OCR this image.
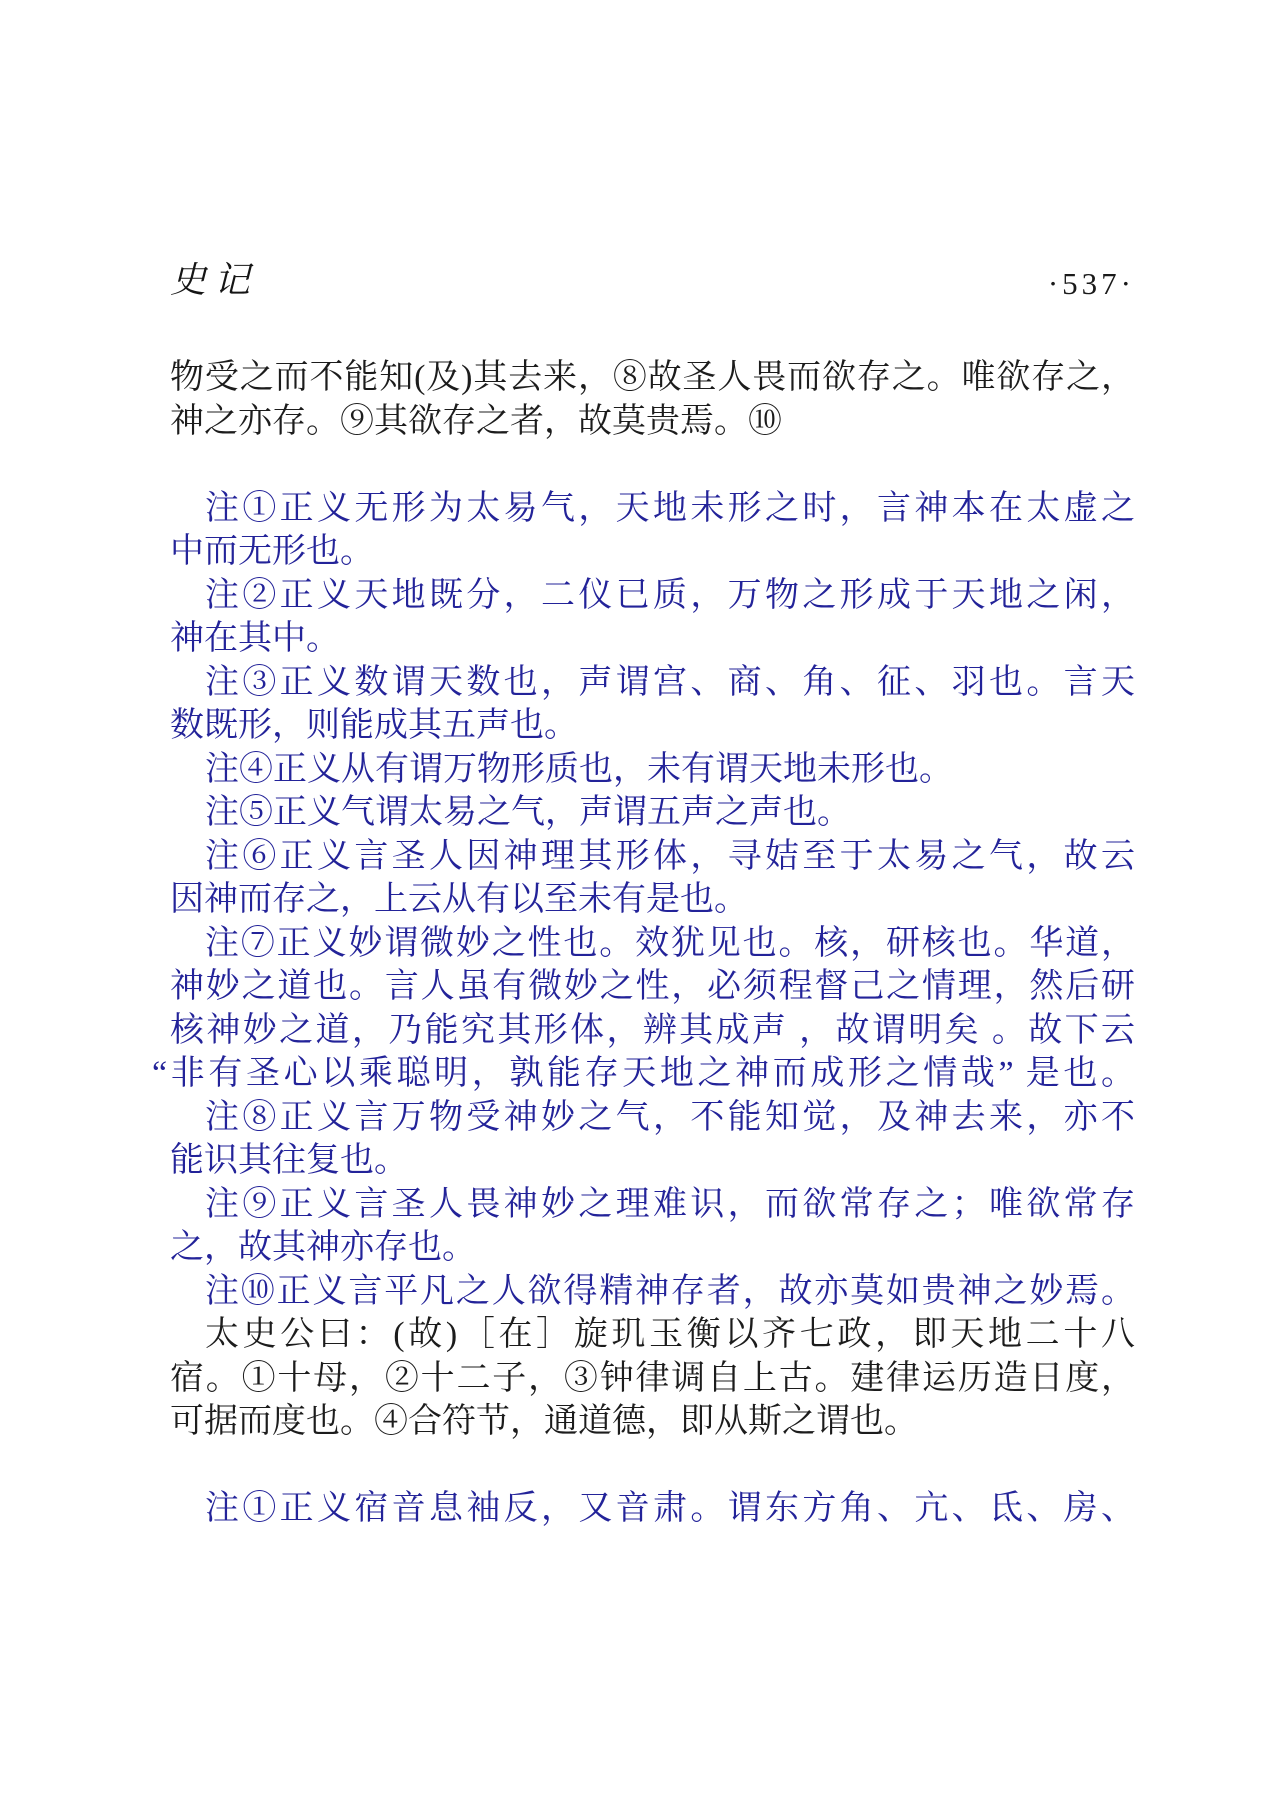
史记	·537·
物受之而不能知(及)其去来，⑧故圣人畏而欲存之。唯欲存之，
神之亦存。⑨其欲存之者，故莫贵焉。⑩
注①正义无形为太易气，天地未形之时，言神本在太虚之
中而无形也。
注②正义天地既分，二仪已质，万物之形成于天地之闲，
神在其中。
注③正义数谓天数也，声谓宫、商、角、征、羽也。言天
数既形，则能成其五声也。
注④正义从有谓万物形质也，未有谓天地未形也。
注⑤正义气谓太易之气，声谓五声之声也。
注⑥正义言圣人因神理其形体，寻姞至于太易之气，故云
因神而存之，上云从有以至未有是也。
注⑦正义妙谓微妙之性也。效犹见也。核，研核也。华道，
神妙之道也。言人虽有微妙之性，必须程督己之情理，然后研
核神妙之道，乃能究其形体，辨其成声 ，故谓明矣 。故下云
“非有圣心以乘聪明，孰能存天地之神而成形之情哉” 是也。
注⑧正义言万物受神妙之气，不能知觉，及神去来，亦不
能识其往复也。
注⑨正义言圣人畏神妙之理难识，而欲常存之；唯欲常存
之，故其神亦存也。
注⑩正义言平凡之人欲得精神存者，故亦莫如贵神之妙焉。
太史公曰：(故)［在］旋玑玉衡以齐七政，即天地二十八
宿。①十母，②十二子，③钟律调自上古。建律运历造日度，
可据而度也。④合符节，通道德，即从斯之谓也。
注①正义宿音息袖反，又音肃。谓东方角、亢、氐、房、
